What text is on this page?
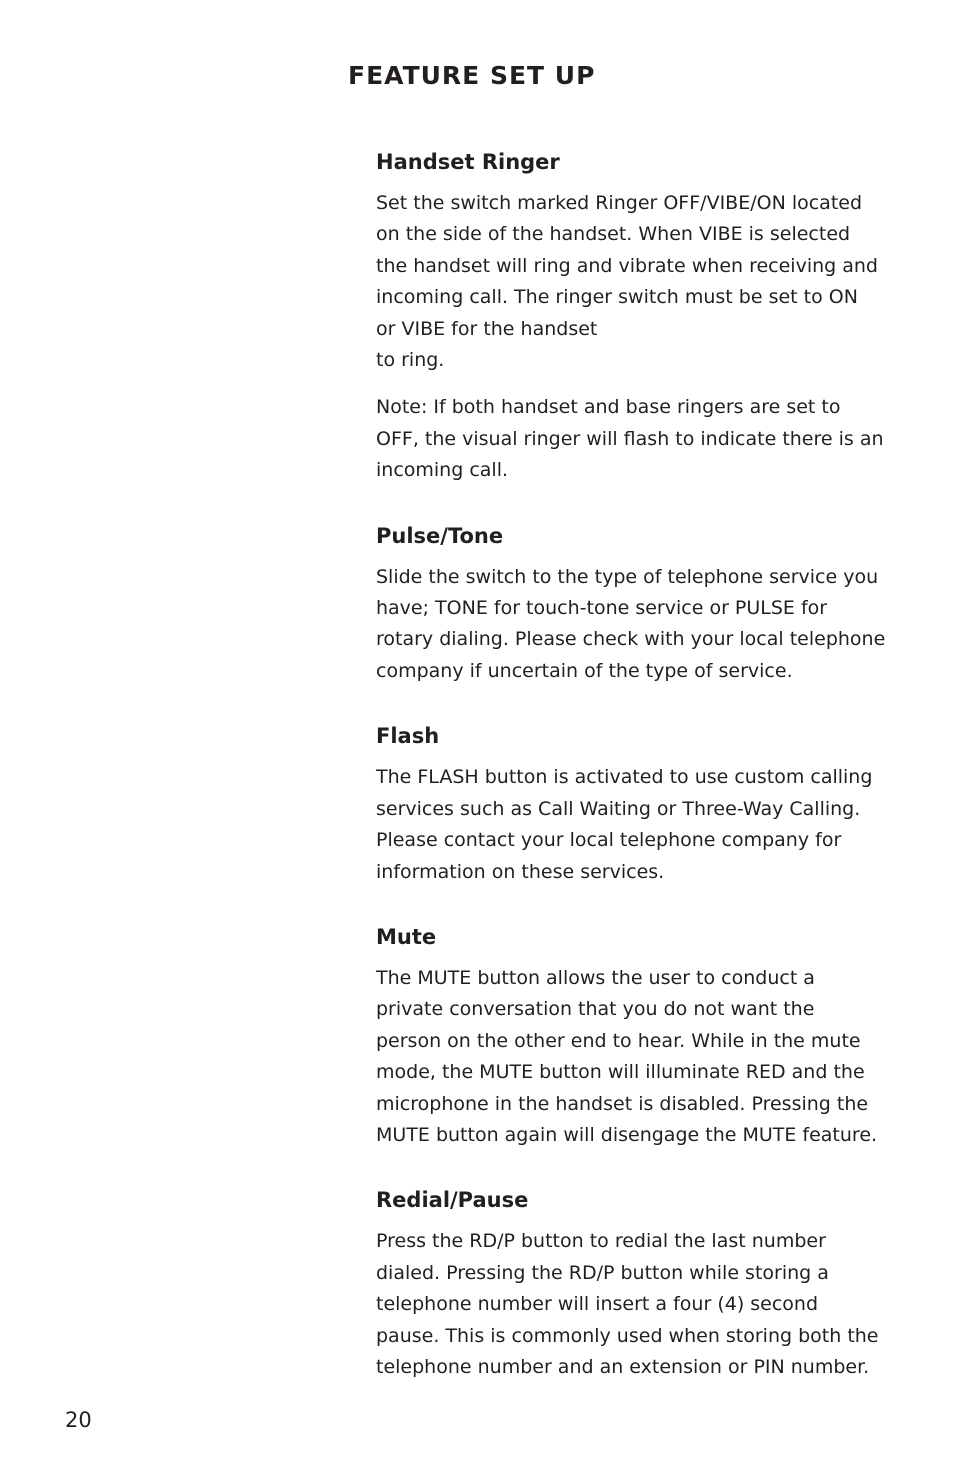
FEATURE SET UP
Handset Ringer

Set the switch marked Ringer OFF/VIBE/ON located
on the side of the handset. When VIBE is selected
the handset will ring and vibrate when receiving and
incoming call. The ringer switch must be set to ON
or VIBE for the handset
to ring.

Note: If both handset and base ringers are set to
OFF, the visual ringer will flash to indicate there is an
incoming call.

Pulse/Tone

Slide the switch to the type of telephone service you
have; TONE for touch-tone service or PULSE for
rotary dialing. Please check with your local telephone
company if uncertain of the type of service.

Flash

The FLASH button is activated to use custom calling
services such as Call Waiting or Three-Way Calling.
Please contact your local telephone company for
information on these services.

Mute

The MUTE button allows the user to conduct a
private conversation that you do not want the
person on the other end to hear. While in the mute
mode, the MUTE button will illuminate RED and the
microphone in the handset is disabled. Pressing the
MUTE button again will disengage the MUTE feature.

Redial/Pause

Press the RD/P button to redial the last number
dialed. Pressing the RD/P button while storing a
telephone number will insert a four (4) second
pause. This is commonly used when storing both the
telephone number and an extension or PIN number.

20
